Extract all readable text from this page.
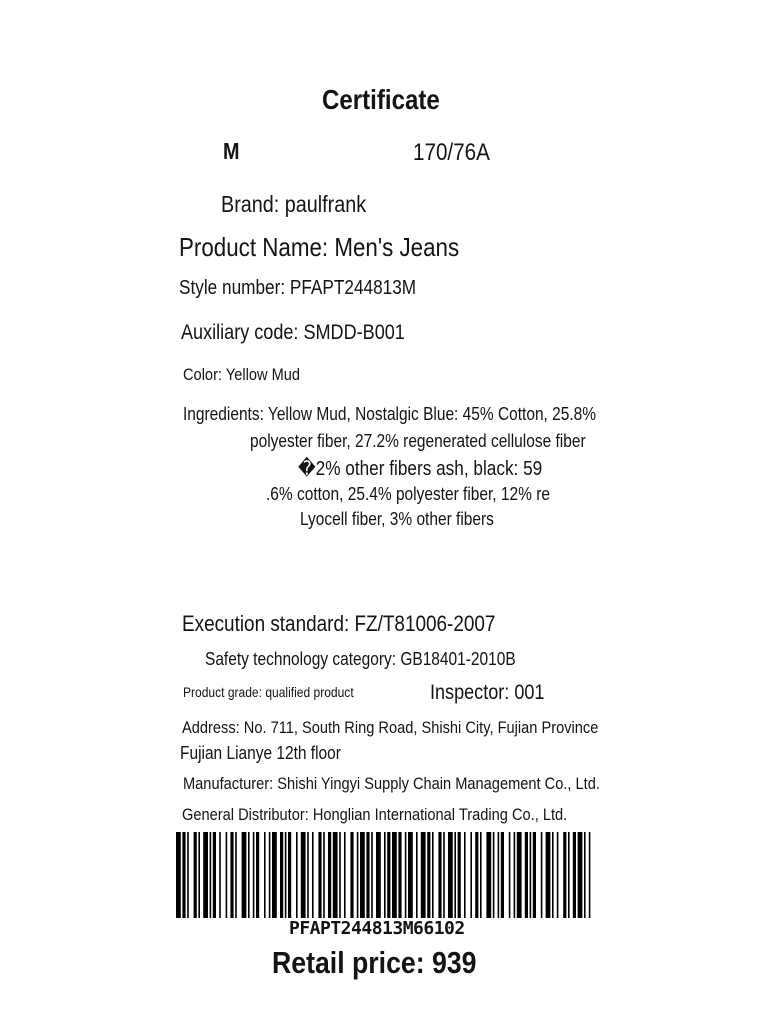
Certificate
M	170/76A
Brand: paulfrank
Product Name: Men's Jeans
Style number: PFAPT244813M
Auxiliary code: SMDD-B001
Color: Yellow Mud
Ingredients: Yellow Mud, Nostalgic Blue: 45% Cotton, 25.8%
polyester fiber, 27.2% regenerated cellulose fiber
�2% other fibers ash, black: 59
.6% cotton, 25.4% polyester fiber, 12% re
Lyocell fiber, 3% other fibers
Execution standard: FZ/T81006-2007
Safety technology category: GB18401-2010B
Product grade: qualified product	Inspector: 001
Address: No. 711, South Ring Road, Shishi City, Fujian Province
Fujian Lianye 12th floor
Manufacturer: Shishi Yingyi Supply Chain Management Co., Ltd.
General Distributor: Honglian International Trading Co., Ltd.
PFAPT244813M66102
Retail price: 939
